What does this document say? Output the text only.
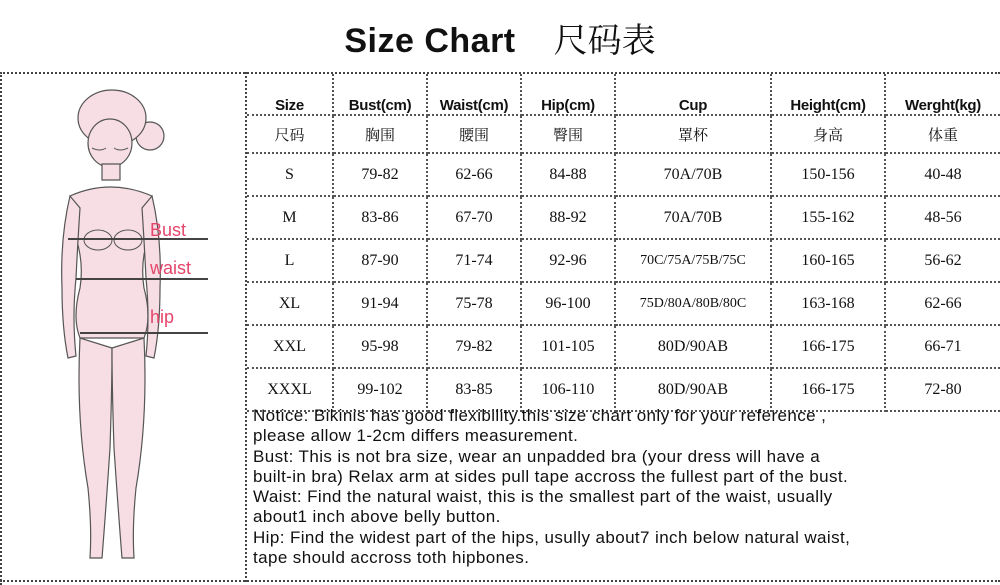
Size Chart 尺码表
Bust
waist
hip
Size	Bust(cm)	Waist(cm)	Hip(cm)	Cup	Height(cm)	Werght(kg)
尺码	胸围	腰围	臀围	罩杯	身高	体重
S	79-82	62-66	84-88	70A/70B	150-156	40-48
M	83-86	67-70	88-92	70A/70B	155-162	48-56
L	87-90	71-74	92-96	70C/75A/75B/75C	160-165	56-62
XL	91-94	75-78	96-100	75D/80A/80B/80C	163-168	62-66
XXL	95-98	79-82	101-105	80D/90AB	166-175	66-71
XXXL	99-102	83-85	106-110	80D/90AB	166-175	72-80

Notice: Bikinis has good flexibility.this size chart only for your reference ,

please allow 1-2cm differs measurement.

Bust: This is not bra size, wear an unpadded bra (your dress will have a

built-in bra) Relax arm at sides pull tape accross the fullest part of the bust.

Waist: Find the natural waist, this is the smallest part of the waist, usually

about1 inch above belly button.

Hip: Find the widest part of the hips, usully about7 inch below natural waist,

tape should accross toth hipbones.
